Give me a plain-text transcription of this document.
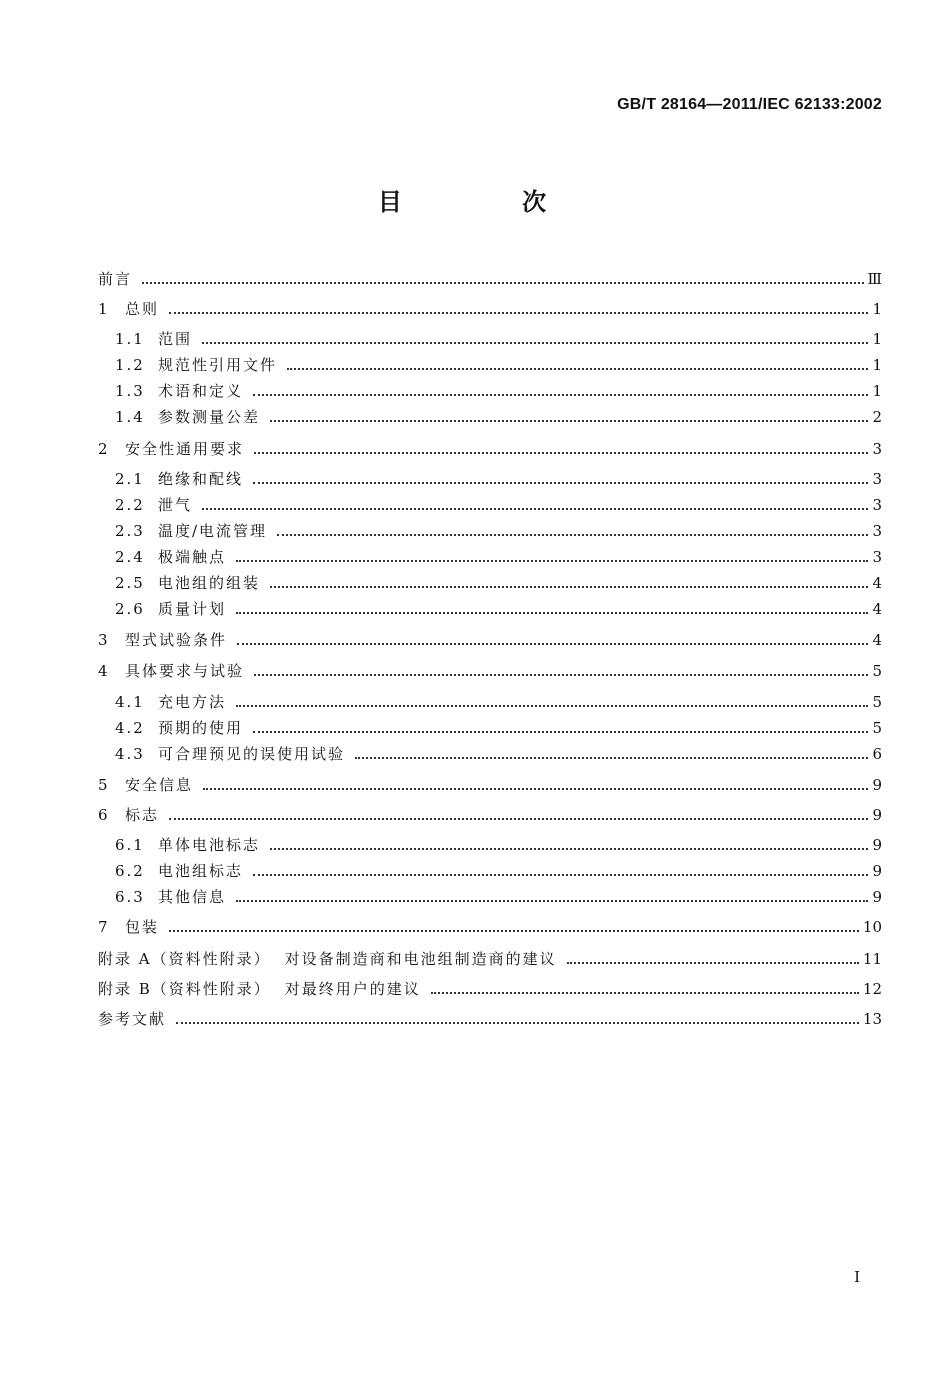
GB/T 28164—2011/IEC 62133:2002
目 次
前言	Ⅲ
1	总则	1
1.1 范围	1
1.2 规范性引用文件	1
1.3 术语和定义	1
1.4 参数测量公差	2
2	安全性通用要求	3
2.1 绝缘和配线	3
2.2 泄气	3
2.3 温度/电流管理	3
2.4 极端触点	3
2.5 电池组的组装	4
2.6 质量计划	4
3	型式试验条件	4
4	具体要求与试验	5
4.1 充电方法	5
4.2 预期的使用	5
4.3 可合理预见的误使用试验	6
5	安全信息	9
6	标志	9
6.1 单体电池标志	9
6.2 电池组标志	9
6.3 其他信息	9
7	包装	10
附录 A（资料性附录） 对设备制造商和电池组制造商的建议	11
附录 B（资料性附录） 对最终用户的建议	12
参考文献	13
I
